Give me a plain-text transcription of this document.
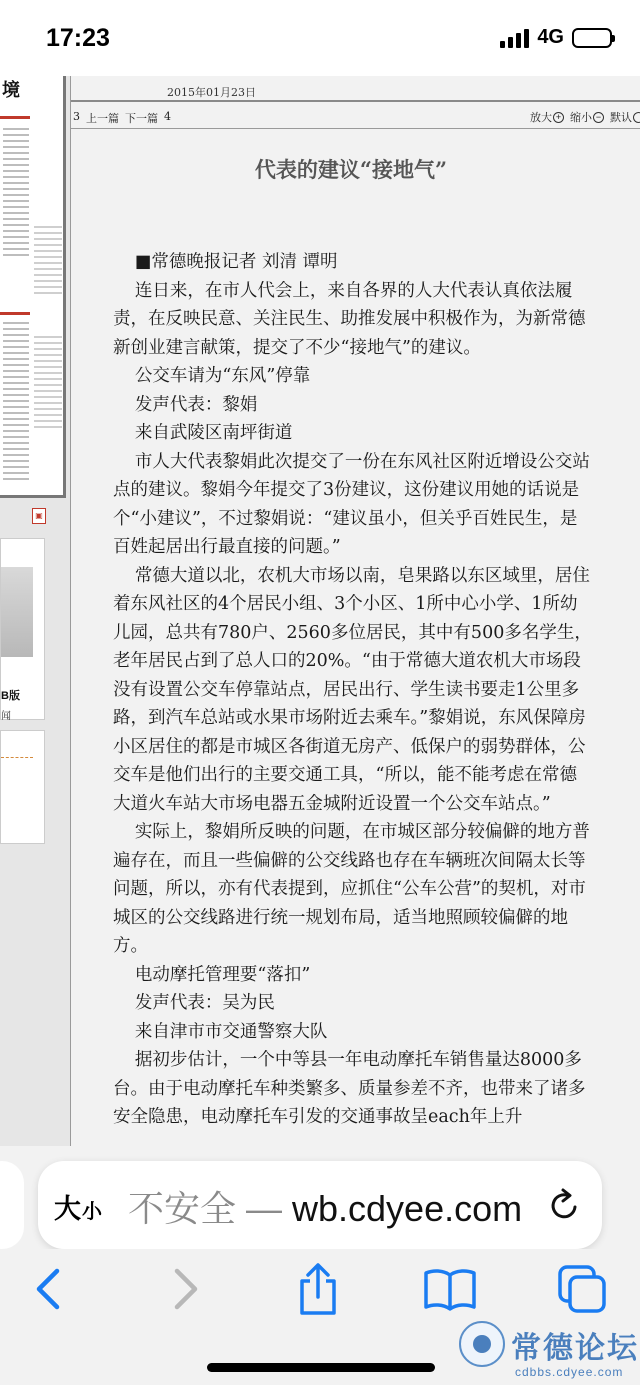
17:23	4G
境
▣
B版
闻
2015年01月23日
3 上一篇 下一篇 4	放大 + 缩小 − 默认
代表的建议“接地气”

■常德晚报记者 刘清 谭明

连日来，在市人代会上，来自各界的人大代表认真依法履责，在反映民意、关注民生、助推发展中积极作为，为新常德新创业建言献策，提交了不少“接地气”的建议。

公交车请为“东风”停靠

发声代表：黎娟

来自武陵区南坪街道

市人大代表黎娟此次提交了一份在东风社区附近增设公交站点的建议。黎娟今年提交了3份建议，这份建议用她的话说是个“小建议”，不过黎娟说：“建议虽小，但关乎百姓民生，是百姓起居出行最直接的问题。”

常德大道以北，农机大市场以南，皂果路以东区域里，居住着东风社区的4个居民小组、3个小区、1所中心小学、1所幼儿园，总共有780户、2560多位居民，其中有500多名学生，老年居民占到了总人口的20%。“由于常德大道农机大市场段没有设置公交车停靠站点，居民出行、学生读书要走1公里多路，到汽车总站或水果市场附近去乘车。”黎娟说，东风保障房小区居住的都是市城区各街道无房产、低保户的弱势群体，公交车是他们出行的主要交通工具，“所以，能不能考虑在常德大道火车站大市场电器五金城附近设置一个公交车站点。”

实际上，黎娟所反映的问题，在市城区部分较偏僻的地方普遍存在，而且一些偏僻的公交线路也存在车辆班次间隔太长等问题，所以，亦有代表提到，应抓住“公车公营”的契机，对市城区的公交线路进行统一规划布局，适当地照顾较偏僻的地方。

电动摩托管理要“落扣”

发声代表：吴为民

来自津市市交通警察大队

据初步估计，一个中等县一年电动摩托车销售量达8000多台。由于电动摩托车种类繁多、质量参差不齐，也带来了诸多安全隐患，电动摩托车引发的交通事故呈each年上升

大 小 不安全 — wb.cdyee.com
常德论坛
cdbbs.cdyee.com
